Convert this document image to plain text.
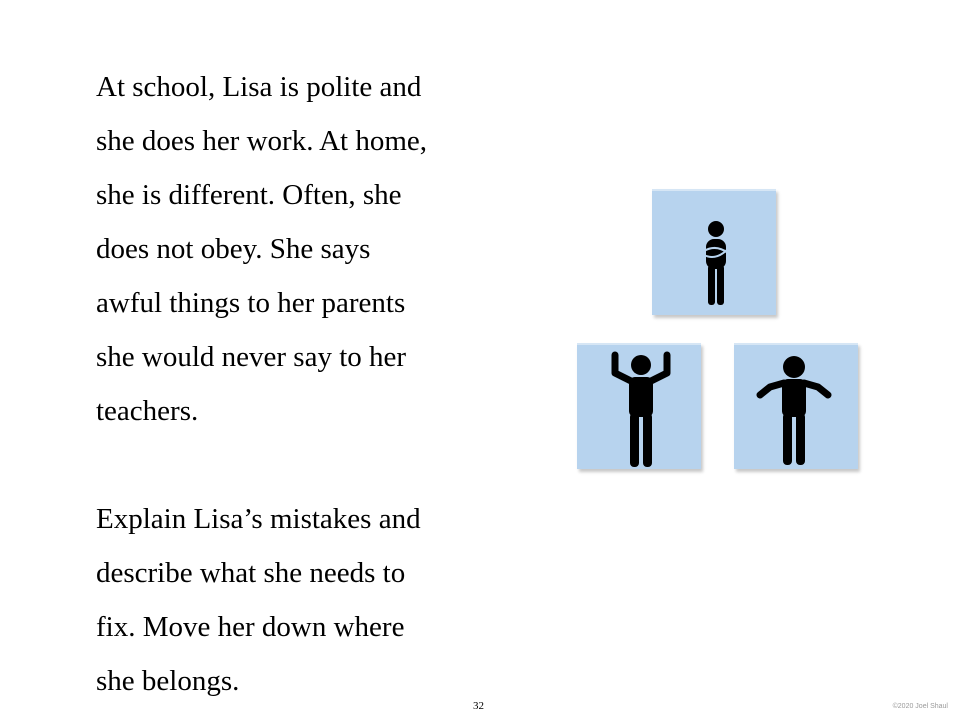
At school, Lisa is polite and
she does her work. At home,
she is different. Often, she
does not obey. She says
awful things to her parents
she would never say to her
teachers.

Explain Lisa’s mistakes and
describe what she needs to
fix. Move her down where
she belongs.

32	©2020 Joel Shaul
